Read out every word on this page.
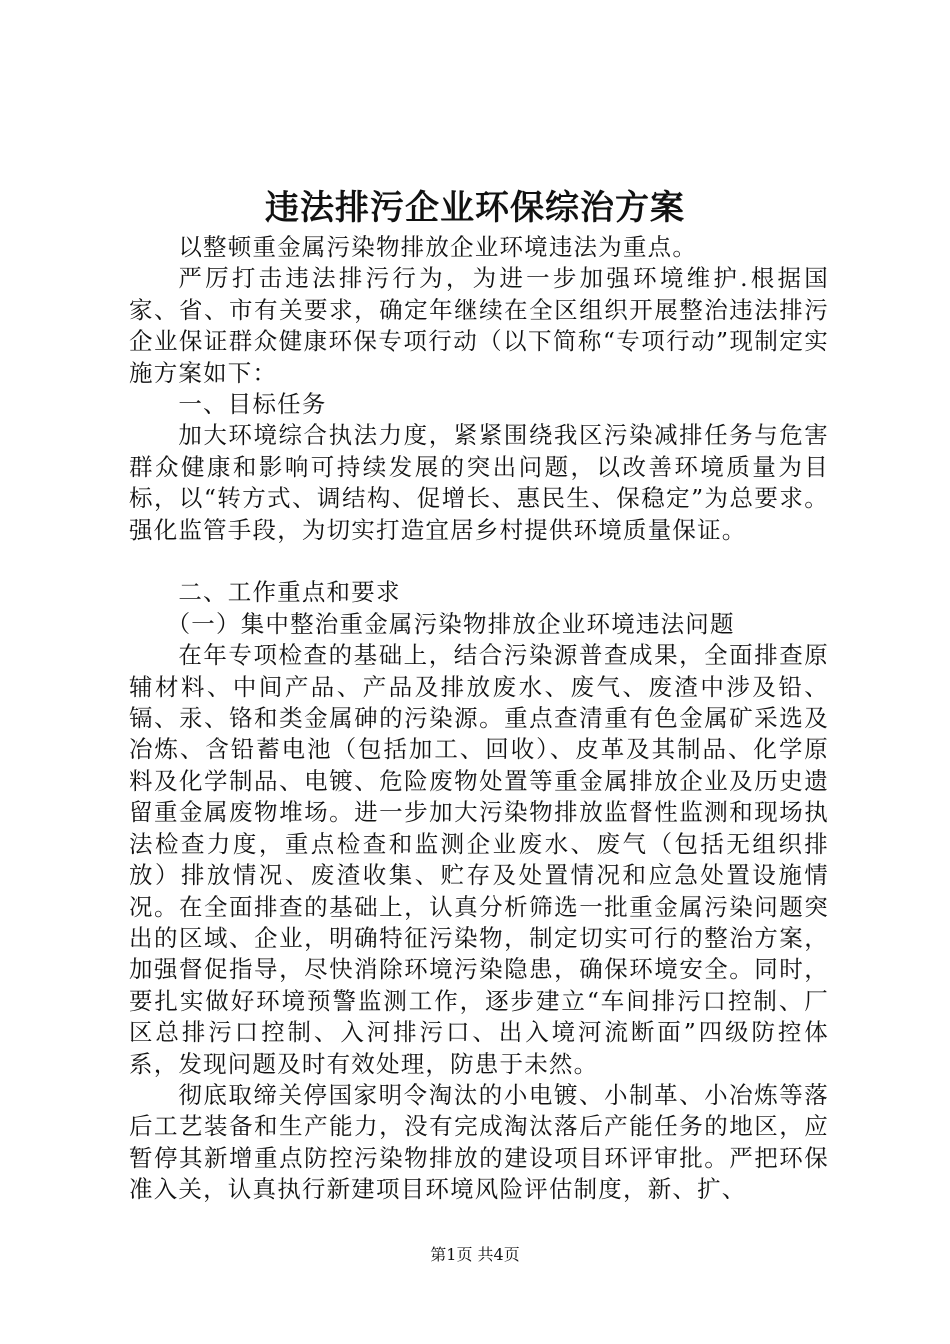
违法排污企业环保综治方案

以整顿重金属污染物排放企业环境违法为重点。

严厉打击违法排污行为，为进一步加强环境维护.根据国家、省、市有关要求，确定年继续在全区组织开展整治违法排污企业保证群众健康环保专项行动（以下简称“专项行动”现制定实施方案如下：

一、目标任务

加大环境综合执法力度，紧紧围绕我区污染减排任务与危害群众健康和影响可持续发展的突出问题，以改善环境质量为目标，以“转方式、调结构、促增长、惠民生、保稳定”为总要求。强化监管手段，为切实打造宜居乡村提供环境质量保证。

二、工作重点和要求

（一）集中整治重金属污染物排放企业环境违法问题

在年专项检查的基础上，结合污染源普查成果，全面排查原辅材料、中间产品、产品及排放废水、废气、废渣中涉及铅、镉、汞、铬和类金属砷的污染源。重点查清重有色金属矿采选及冶炼、含铅蓄电池（包括加工、回收）、皮革及其制品、化学原料及化学制品、电镀、危险废物处置等重金属排放企业及历史遗留重金属废物堆场。进一步加大污染物排放监督性监测和现场执法检查力度，重点检查和监测企业废水、废气（包括无组织排放）排放情况、废渣收集、贮存及处置情况和应急处置设施情况。在全面排查的基础上，认真分析筛选一批重金属污染问题突出的区域、企业，明确特征污染物，制定切实可行的整治方案，加强督促指导，尽快消除环境污染隐患，确保环境安全。同时，要扎实做好环境预警监测工作，逐步建立“车间排污口控制、厂区总排污口控制、入河排污口、出入境河流断面”四级防控体系，发现问题及时有效处理，防患于未然。

彻底取缔关停国家明令淘汰的小电镀、小制革、小冶炼等落后工艺装备和生产能力，没有完成淘汰落后产能任务的地区，应暂停其新增重点防控污染物排放的建设项目环评审批。严把环保准入关，认真执行新建项目环境风险评估制度，新、扩、

第1页 共4页
